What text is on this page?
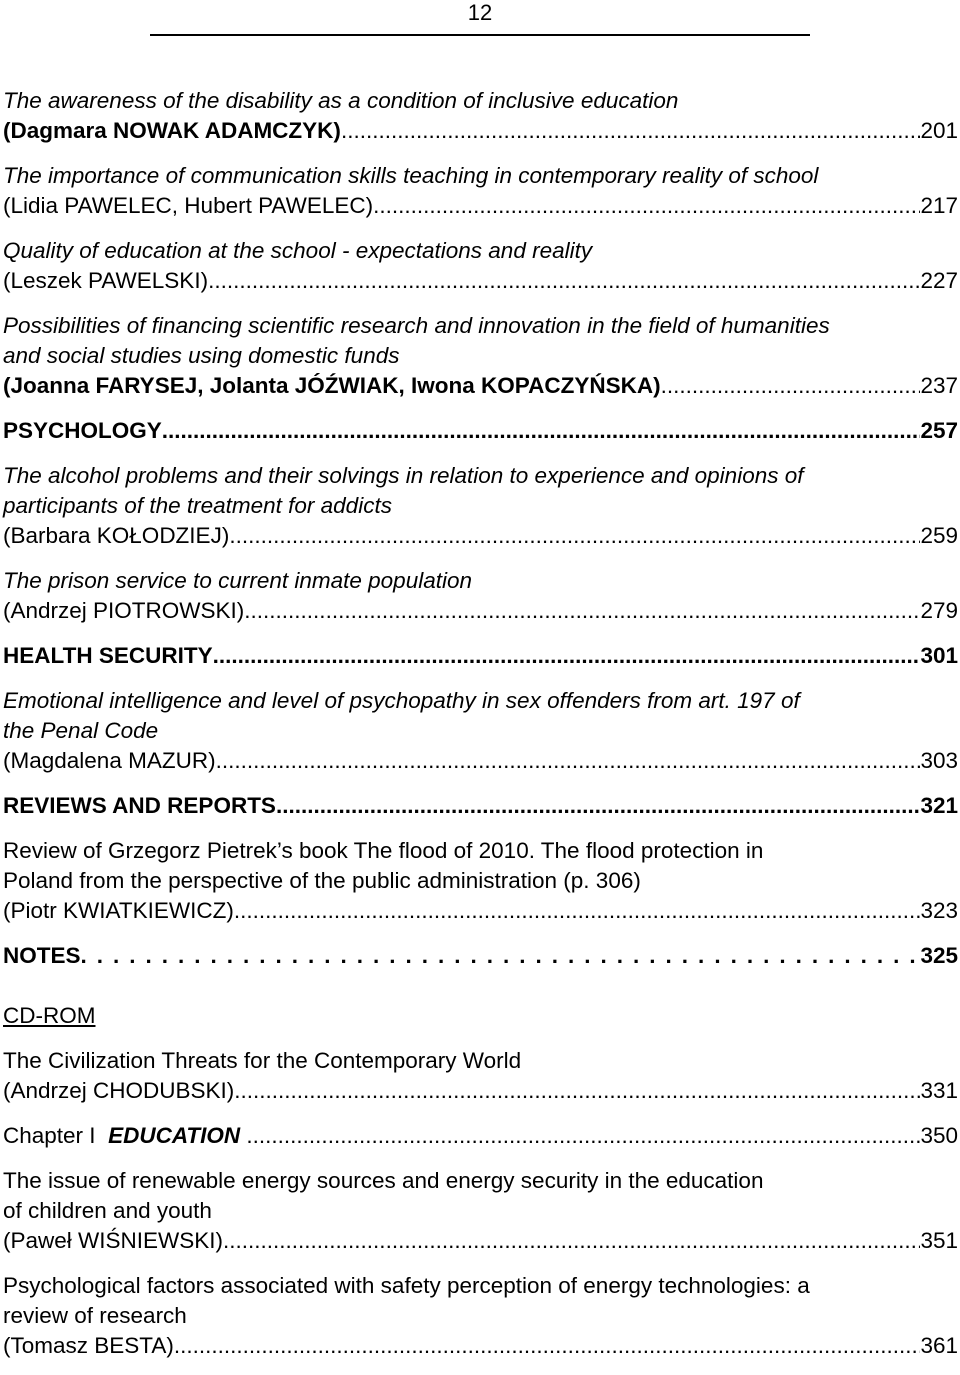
12
The awareness of the disability as a condition of inclusive education
(Dagmara NOWAK ADAMCZYK) .....	201
The importance of communication skills teaching in contemporary reality of school
(Lidia PAWELEC, Hubert PAWELEC) .....	217
Quality of education at the school - expectations and reality
(Leszek PAWELSKI) .....	227
Possibilities of financing scientific research and innovation in the field of humanities
and social studies using domestic funds
(Joanna FARYSEJ, Jolanta JÓŹWIAK, Iwona KOPACZYŃSKA) .....	237
PSYCHOLOGY .....	257
The alcohol problems and their solvings in relation to experience and opinions of
participants of the treatment for addicts
(Barbara KOŁODZIEJ) .....	259
The prison service to current inmate population
(Andrzej PIOTROWSKI) .....	279
HEALTH SECURITY .....	301
Emotional intelligence and level of psychopathy in sex offenders from art. 197 of
the Penal Code
(Magdalena MAZUR) .....	303
REVIEWS AND REPORTS .....	321
Review of Grzegorz Pietrek’s book The flood of 2010. The flood protection in
Poland from the perspective of the public administration (p. 306)
(Piotr KWIATKIEWICZ) .....	323
NOTES .....	325
CD-ROM
The Civilization Threats for the Contemporary World
(Andrzej CHODUBSKI) .....	331
Chapter I EDUCATION .....	350
The issue of renewable energy sources and energy security in the education
of children and youth
(Paweł WIŚNIEWSKI) .....	351
Psychological factors associated with safety perception of energy technologies: a
review of research
(Tomasz BESTA) .....	361
